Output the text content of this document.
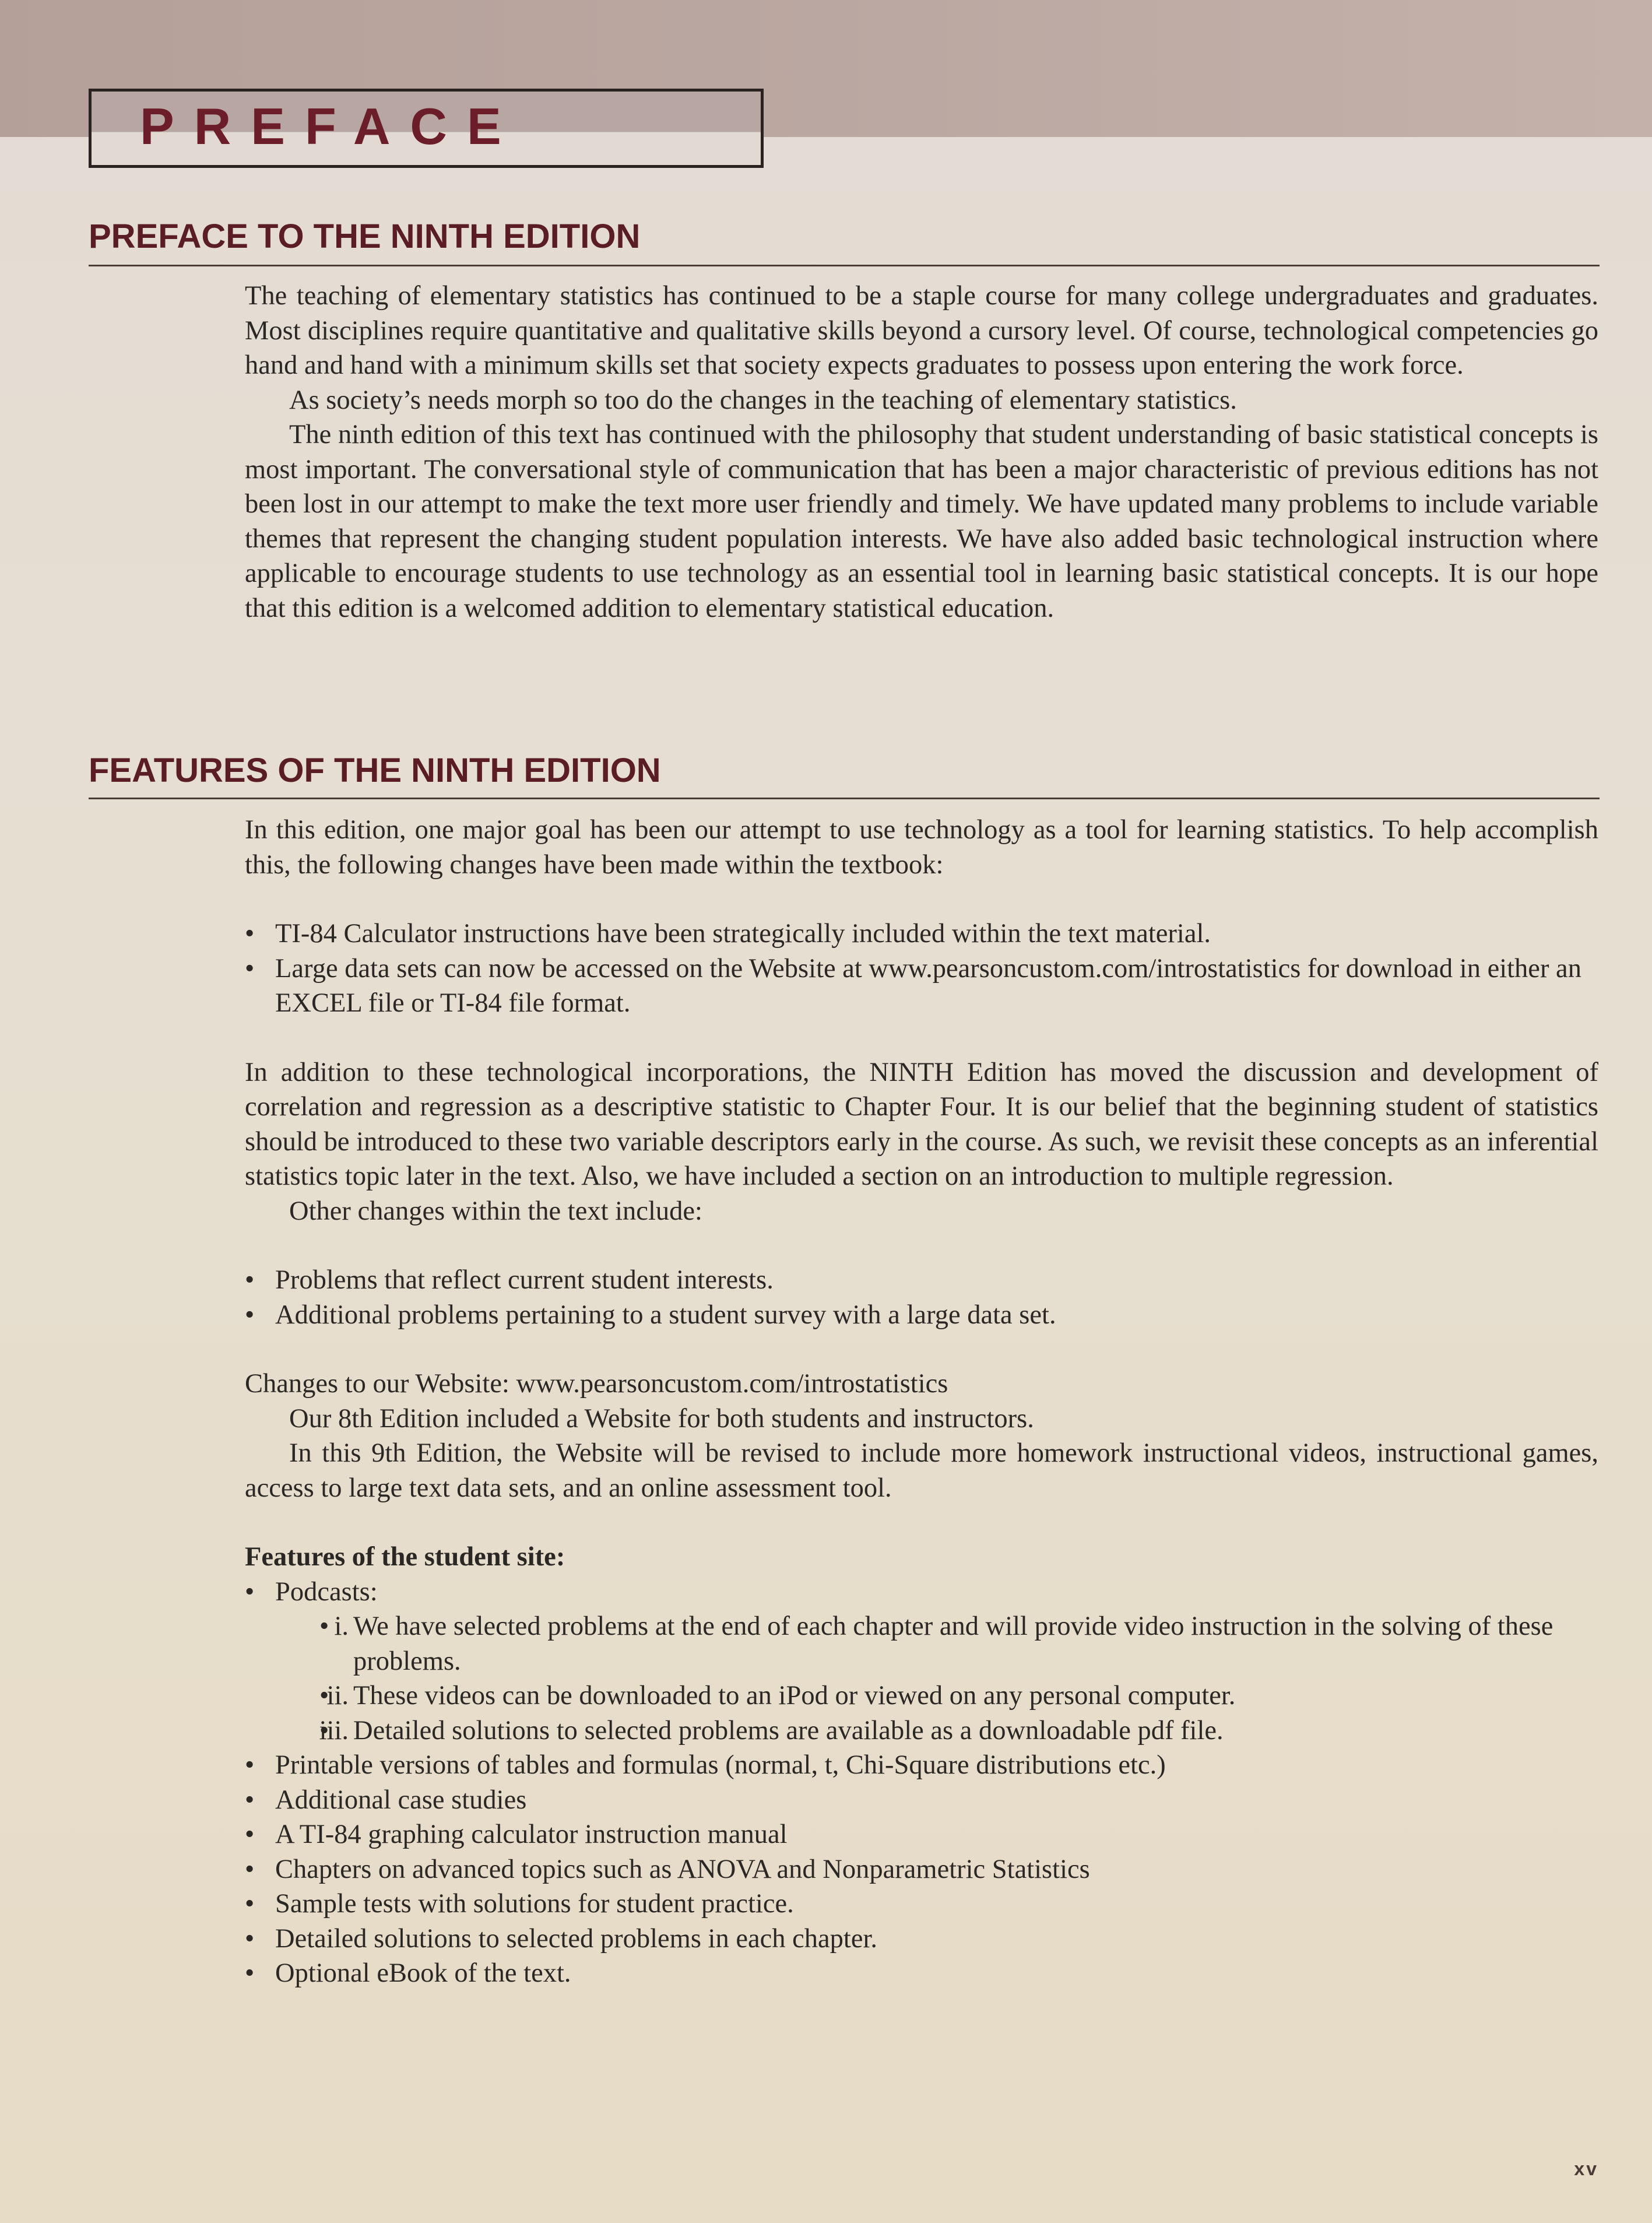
PREFACE
PREFACE TO THE NINTH EDITION

The teaching of elementary statistics has continued to be a staple course for many college undergraduates and graduates. Most disciplines require quantitative and qualitative skills beyond a cursory level. Of course, technological competencies go hand and hand with a minimum skills set that society expects graduates to possess upon entering the work force.

As society’s needs morph so too do the changes in the teaching of elementary statistics.

The ninth edition of this text has continued with the philosophy that student understanding of basic statistical concepts is most important. The conversational style of communication that has been a major characteristic of previous editions has not been lost in our attempt to make the text more user friendly and timely. We have updated many problems to include variable themes that represent the changing student population interests. We have also added basic technological instruction where applicable to encourage students to use technology as an essential tool in learning basic statistical concepts. It is our hope that this edition is a welcomed addition to elementary statistical education.

FEATURES OF THE NINTH EDITION

In this edition, one major goal has been our attempt to use technology as a tool for learning statistics. To help accomplish this, the following changes have been made within the textbook:

• TI-84 Calculator instructions have been strategically included within the text material.
• Large data sets can now be accessed on the Website at www.pearsoncustom.com/introstatistics for download in either an EXCEL file or TI-84 file format.

In addition to these technological incorporations, the NINTH Edition has moved the discussion and development of correlation and regression as a descriptive statistic to Chapter Four. It is our belief that the beginning student of statistics should be introduced to these two variable descriptors early in the course. As such, we revisit these concepts as an inferential statistics topic later in the text. Also, we have included a section on an introduction to multiple regression.

Other changes within the text include:

• Problems that reflect current student interests.
• Additional problems pertaining to a student survey with a large data set.

Changes to our Website: www.pearsoncustom.com/introstatistics

Our 8th Edition included a Website for both students and instructors.

In this 9th Edition, the Website will be revised to include more homework instructional videos, instructional games, access to large text data sets, and an online assessment tool.

Features of the student site:

• Podcasts:
• i. We have selected problems at the end of each chapter and will provide video instruction in the solving of these problems.
• ii. These videos can be downloaded to an iPod or viewed on any personal computer.
• iii. Detailed solutions to selected problems are available as a downloadable pdf file.
• Printable versions of tables and formulas (normal, t, Chi-Square distributions etc.)
• Additional case studies
• A TI-84 graphing calculator instruction manual
• Chapters on advanced topics such as ANOVA and Nonparametric Statistics
• Sample tests with solutions for student practice.
• Detailed solutions to selected problems in each chapter.
• Optional eBook of the text.
xv
